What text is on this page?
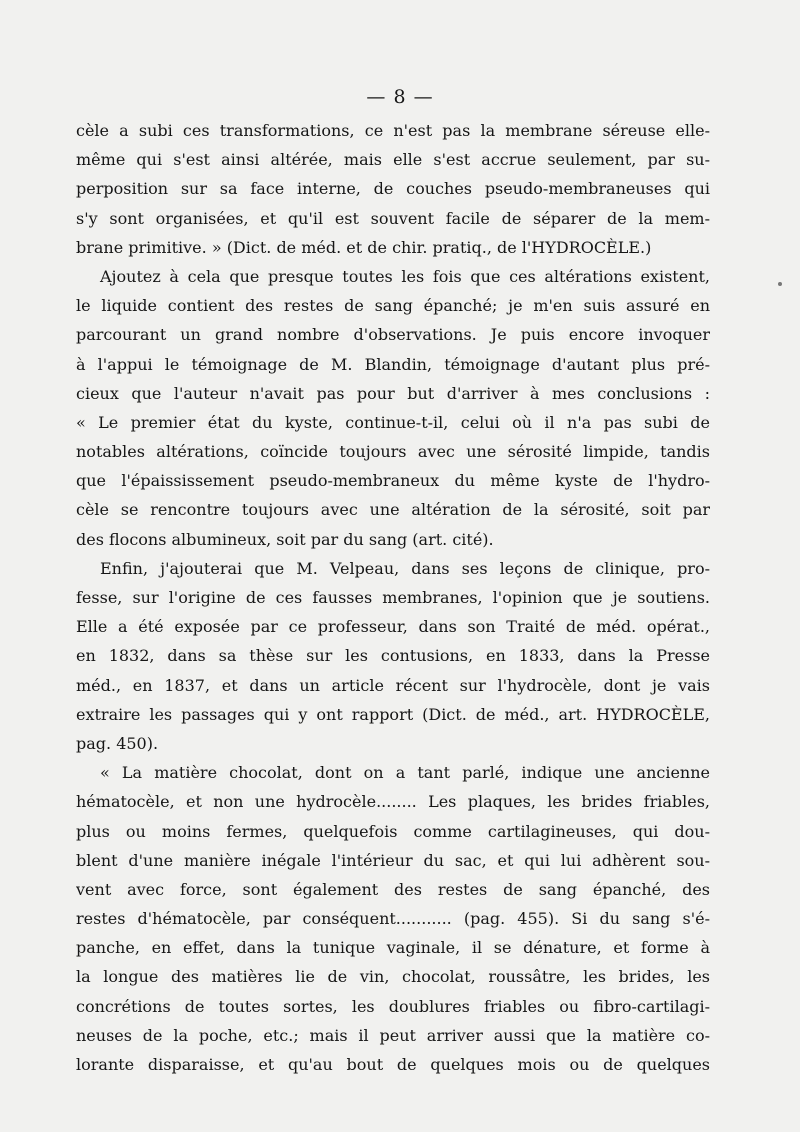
— 8 —
cèle a subi ces transformations, ce n'est pas la membrane séreuse elle-
même qui s'est ainsi altérée, mais elle s'est accrue seulement, par su-
perposition sur sa face interne, de couches pseudo-membraneuses qui
s'y sont organisées, et qu'il est souvent facile de séparer de la mem-
brane primitive. » (Dict. de méd. et de chir. pratiq., de l'HYDROCÈLE.)
Ajoutez à cela que presque toutes les fois que ces altérations existent,
le liquide contient des restes de sang épanché; je m'en suis assuré en
parcourant un grand nombre d'observations. Je puis encore invoquer
à l'appui le témoignage de M. Blandin, témoignage d'autant plus pré-
cieux que l'auteur n'avait pas pour but d'arriver à mes conclusions :
« Le premier état du kyste, continue-t-il, celui où il n'a pas subi de
notables altérations, coïncide toujours avec une sérosité limpide, tandis
que l'épaississement pseudo-membraneux du même kyste de l'hydro-
cèle se rencontre toujours avec une altération de la sérosité, soit par
des flocons albumineux, soit par du sang (art. cité).
Enfin, j'ajouterai que M. Velpeau, dans ses leçons de clinique, pro-
fesse, sur l'origine de ces fausses membranes, l'opinion que je soutiens.
Elle a été exposée par ce professeur, dans son Traité de méd. opérat.,
en 1832, dans sa thèse sur les contusions, en 1833, dans la Presse
méd., en 1837, et dans un article récent sur l'hydrocèle, dont je vais
extraire les passages qui y ont rapport (Dict. de méd., art. HYDROCÈLE,
pag. 450).
« La matière chocolat, dont on a tant parlé, indique une ancienne
hématocèle, et non une hydrocèle........ Les plaques, les brides friables,
plus ou moins fermes, quelquefois comme cartilagineuses, qui dou-
blent d'une manière inégale l'intérieur du sac, et qui lui adhèrent sou-
vent avec force, sont également des restes de sang épanché, des
restes d'hématocèle, par conséquent........... (pag. 455). Si du sang s'é-
panche, en effet, dans la tunique vaginale, il se dénature, et forme à
la longue des matières lie de vin, chocolat, roussâtre, les brides, les
concrétions de toutes sortes, les doublures friables ou fibro-cartilagi-
neuses de la poche, etc.; mais il peut arriver aussi que la matière co-
lorante disparaisse, et qu'au bout de quelques mois ou de quelques
